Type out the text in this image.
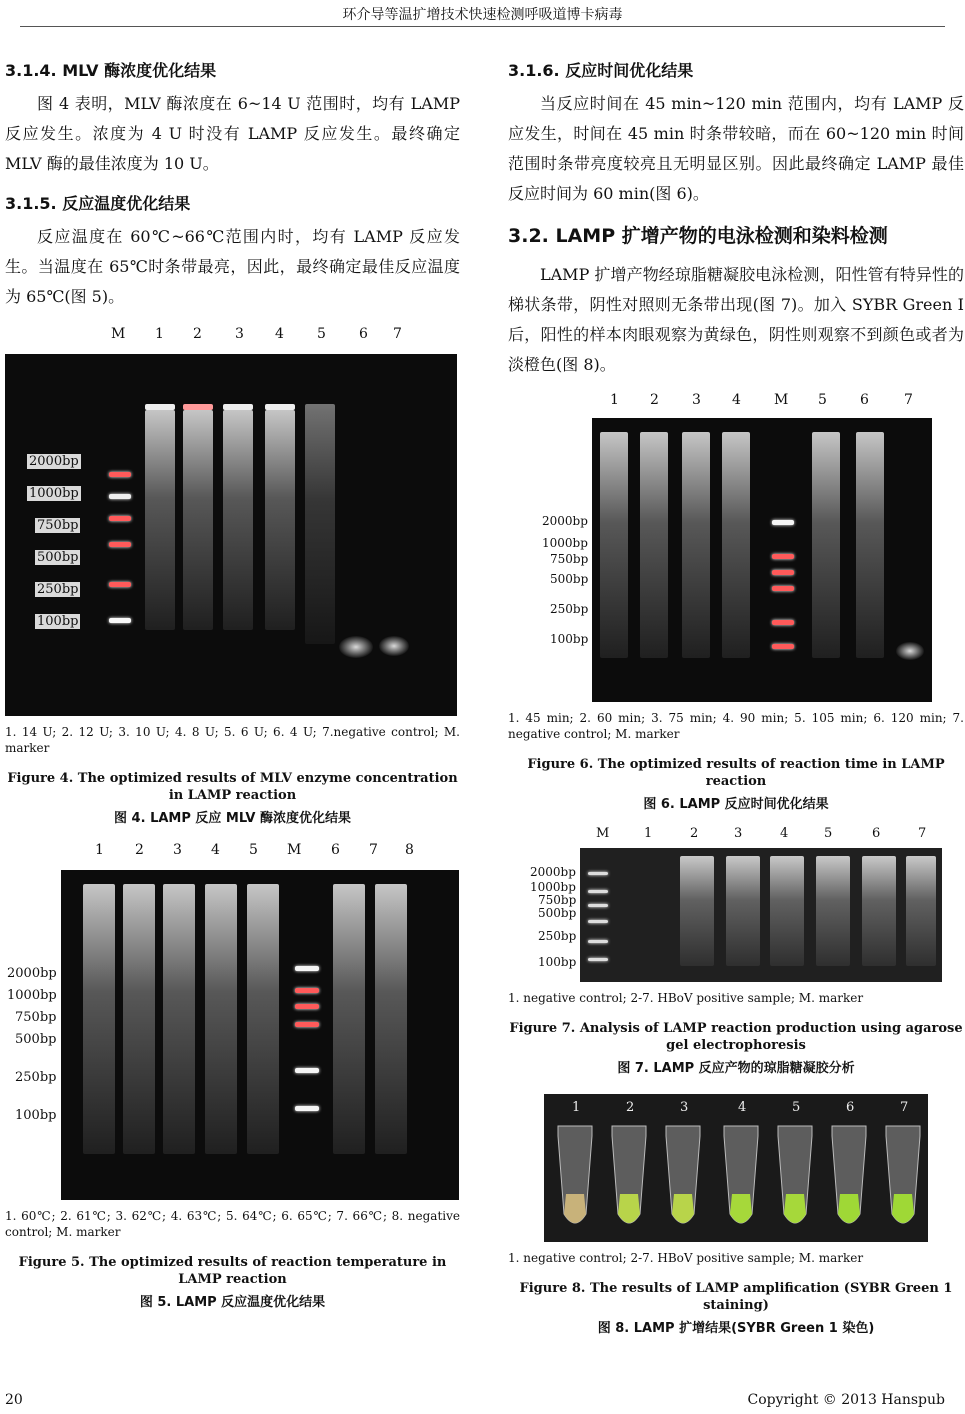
环介导等温扩增技术快速检测呼吸道博卡病毒
3.1.4. MLV 酶浓度优化结果

图 4 表明，MLV 酶浓度在 6~14 U 范围时，均有 LAMP 反应发生。浓度为 4 U 时没有 LAMP 反应发生。最终确定 MLV 酶的最佳浓度为 10 U。

3.1.5. 反应温度优化结果

反应温度在 60℃~66℃范围内时，均有 LAMP 反应发生。当温度在 65℃时条带最亮，因此，最终确定最佳反应温度为 65℃(图 5)。

M 1 2 3 4 5 6 7
2000bp
1000bp
750bp
500bp
250bp
100bp

1. 14 U; 2. 12 U; 3. 10 U; 4. 8 U; 5. 6 U; 6. 4 U; 7.negative control; M. marker

Figure 4. The optimized results of MLV enzyme concentration in LAMP reaction
图 4. LAMP 反应 MLV 酶浓度优化结果
1 2 3 4 5 M 6 7 8
2000bp
1000bp
750bp
500bp
250bp
100bp

1. 60℃; 2. 61℃; 3. 62℃; 4. 63℃; 5. 64℃; 6. 65℃; 7. 66℃; 8. negative control; M. marker

Figure 5. The optimized results of reaction temperature in LAMP reaction
图 5. LAMP 反应温度优化结果
3.1.6. 反应时间优化结果

当反应时间在 45 min~120 min 范围内，均有 LAMP 反应发生，时间在 45 min 时条带较暗，而在 60~120 min 时间范围时条带亮度较亮且无明显区别。因此最终确定 LAMP 最佳反应时间为 60 min(图 6)。

3.2. LAMP 扩增产物的电泳检测和染料检测

LAMP 扩增产物经琼脂糖凝胶电泳检测，阳性管有特异性的梯状条带，阴性对照则无条带出现(图 7)。加入 SYBR Green I 后，阳性的样本肉眼观察为黄绿色，阴性则观察不到颜色或者为淡橙色(图 8)。

1 2 3 4 M 5 6	7
2000bp
1000bp
750bp
500bp
250bp
100bp

1. 45 min; 2. 60 min; 3. 75 min; 4. 90 min; 5. 105 min; 6. 120 min; 7. negative control; M. marker

Figure 6. The optimized results of reaction time in LAMP reaction
图 6. LAMP 反应时间优化结果
M	1	2	3	4	5	6	7
2000bp
1000bp
750bp
500bp
250bp
100bp

1. negative control; 2-7. HBoV positive sample; M. marker

Figure 7. Analysis of LAMP reaction production using agarose gel electrophoresis
图 7. LAMP 反应产物的琼脂糖凝胶分析
1	2	3	4	5	6	7

1. negative control; 2-7. HBoV positive sample; M. marker

Figure 8. The results of LAMP amplification (SYBR Green 1 staining)
图 8. LAMP 扩增结果(SYBR Green 1 染色)
20	Copyright © 2013 Hanspub
